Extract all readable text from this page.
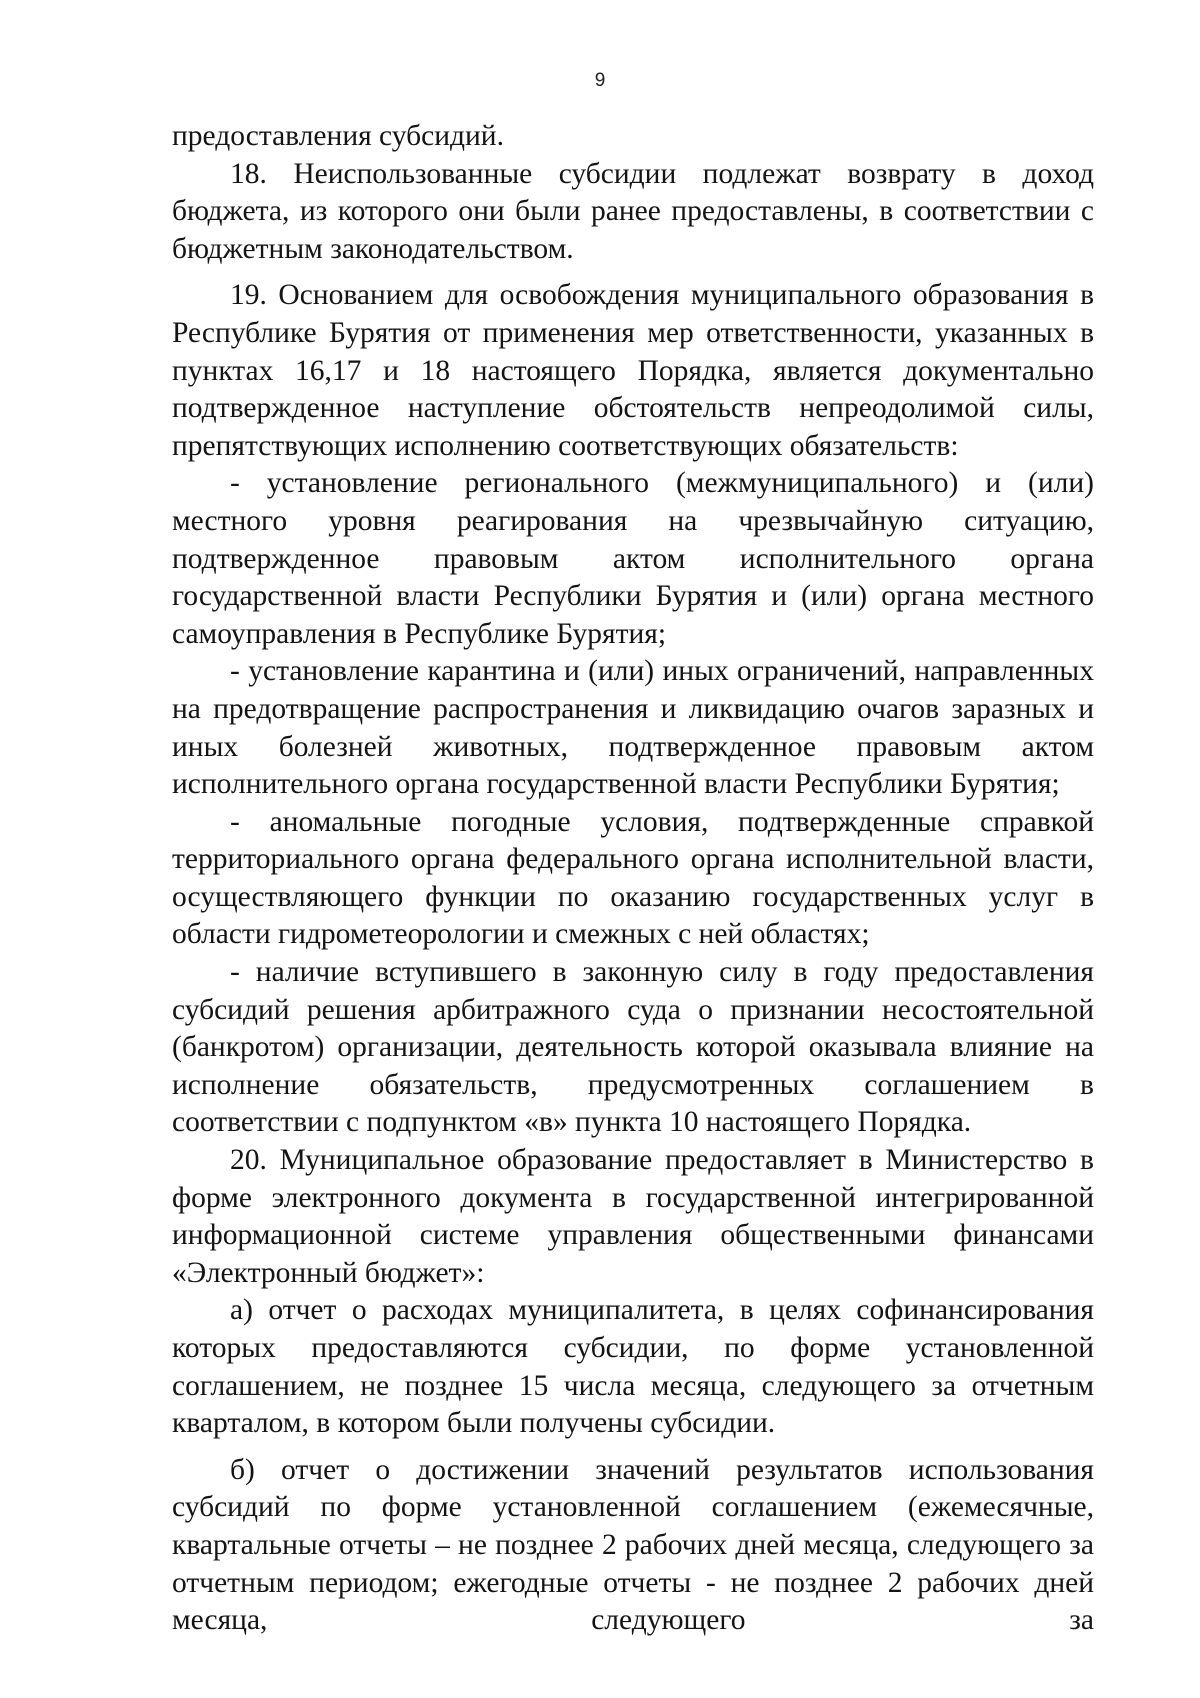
9

предоставления субсидий.

18. Неиспользованные субсидии подлежат возврату в доход бюджета, из которого они были ранее предоставлены, в соответствии с бюджетным законодательством.

19. Основанием для освобождения муниципального образования в Республике Бурятия от применения мер ответственности, указанных в пунктах 16,17 и 18 настоящего Порядка, является документально подтвержденное наступление обстоятельств непреодолимой силы, препятствующих исполнению соответствующих обязательств:

- установление регионального (межмуниципального) и (или) местного уровня реагирования на чрезвычайную ситуацию, подтвержденное правовым актом исполнительного органа государственной власти Республики Бурятия и (или) органа местного самоуправления в Республике Бурятия;

- установление карантина и (или) иных ограничений, направленных на предотвращение распространения и ликвидацию очагов заразных и иных болезней животных, подтвержденное правовым актом исполнительного органа государственной власти Республики Бурятия;

- аномальные погодные условия, подтвержденные справкой территориального органа федерального органа исполнительной власти, осуществляющего функции по оказанию государственных услуг в области гидрометеорологии и смежных с ней областях;

- наличие вступившего в законную силу в году предоставления субсидий решения арбитражного суда о признании несостоятельной (банкротом) организации, деятельность которой оказывала влияние на исполнение обязательств, предусмотренных соглашением в соответствии с подпунктом «в» пункта 10 настоящего Порядка.

20. Муниципальное образование предоставляет в Министерство в форме электронного документа в государственной интегрированной информационной системе управления общественными финансами «Электронный бюджет»:

а) отчет о расходах муниципалитета, в целях софинансирования которых предоставляются субсидии, по форме установленной соглашением, не позднее 15 числа месяца, следующего за отчетным кварталом, в котором были получены субсидии.

б) отчет о достижении значений результатов использования субсидий по форме установленной соглашением (ежемесячные, квартальные отчеты – не позднее 2 рабочих дней месяца, следующего за отчетным периодом; ежегодные отчеты - не позднее 2 рабочих дней месяца, следующего за
